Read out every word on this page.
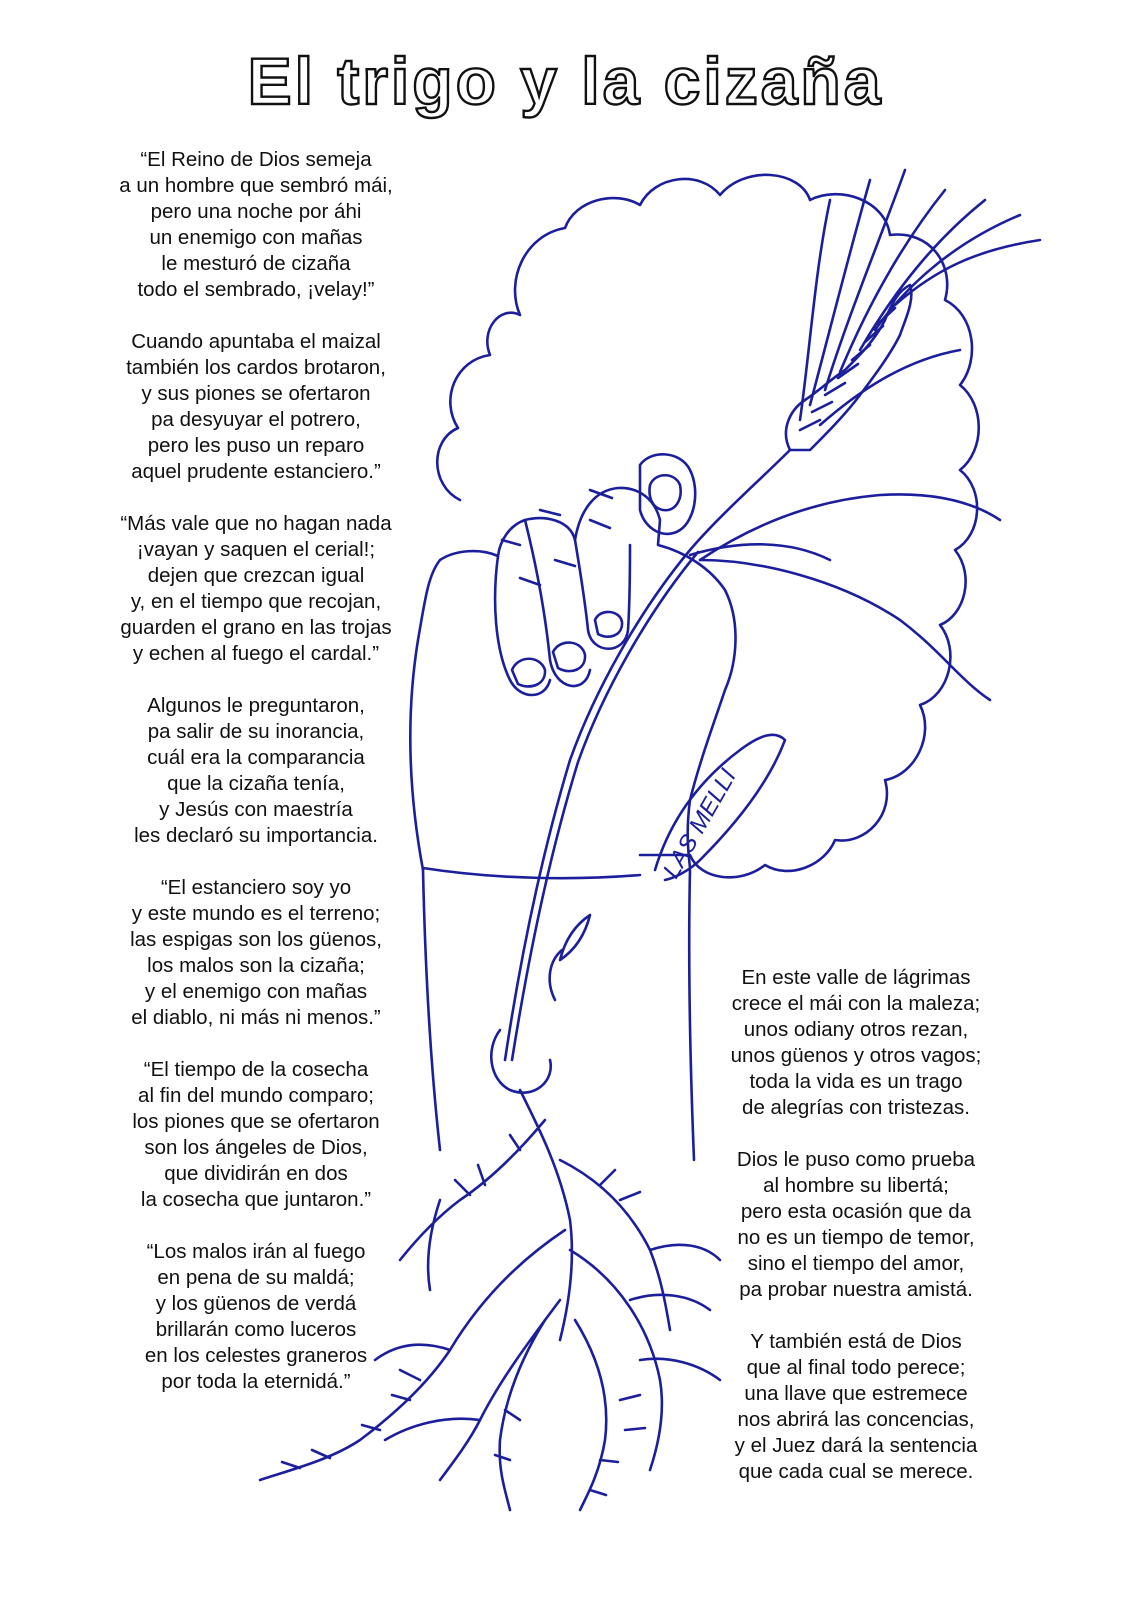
LAS MELLI
El trigo y la cizaña

“El Reino de Dios semeja
a un hombre que sembró mái,
pero una noche por áhi
un enemigo con mañas
le mesturó de cizaña
todo el sembrado, ¡velay!”

Cuando apuntaba el maizal
también los cardos brotaron,
y sus piones se ofertaron
pa desyuyar el potrero,
pero les puso un reparo
aquel prudente estanciero.”

“Más vale que no hagan nada
¡vayan y saquen el cerial!;
dejen que crezcan igual
y, en el tiempo que recojan,
guarden el grano en las trojas
y echen al fuego el cardal.”

Algunos le preguntaron,
pa salir de su inorancia,
cuál era la comparancia
que la cizaña tenía,
y Jesús con maestría
les declaró su importancia.

“El estanciero soy yo
y este mundo es el terreno;
las espigas son los güenos,
los malos son la cizaña;
y el enemigo con mañas
el diablo, ni más ni menos.”

“El tiempo de la cosecha
al fin del mundo comparo;
los piones que se ofertaron
son los ángeles de Dios,
que dividirán en dos
la cosecha que juntaron.”

“Los malos irán al fuego
en pena de su maldá;
y los güenos de verdá
brillarán como luceros
en los celestes graneros
por toda la eternidá.”

En este valle de lágrimas
crece el mái con la maleza;
unos odiany otros rezan,
unos güenos y otros vagos;
toda la vida es un trago
de alegrías con tristezas.

Dios le puso como prueba
al hombre su libertá;
pero esta ocasión que da
no es un tiempo de temor,
sino el tiempo del amor,
pa probar nuestra amistá.

Y también está de Dios
que al final todo perece;
una llave que estremece
nos abrirá las concencias,
y el Juez dará la sentencia
que cada cual se merece.
